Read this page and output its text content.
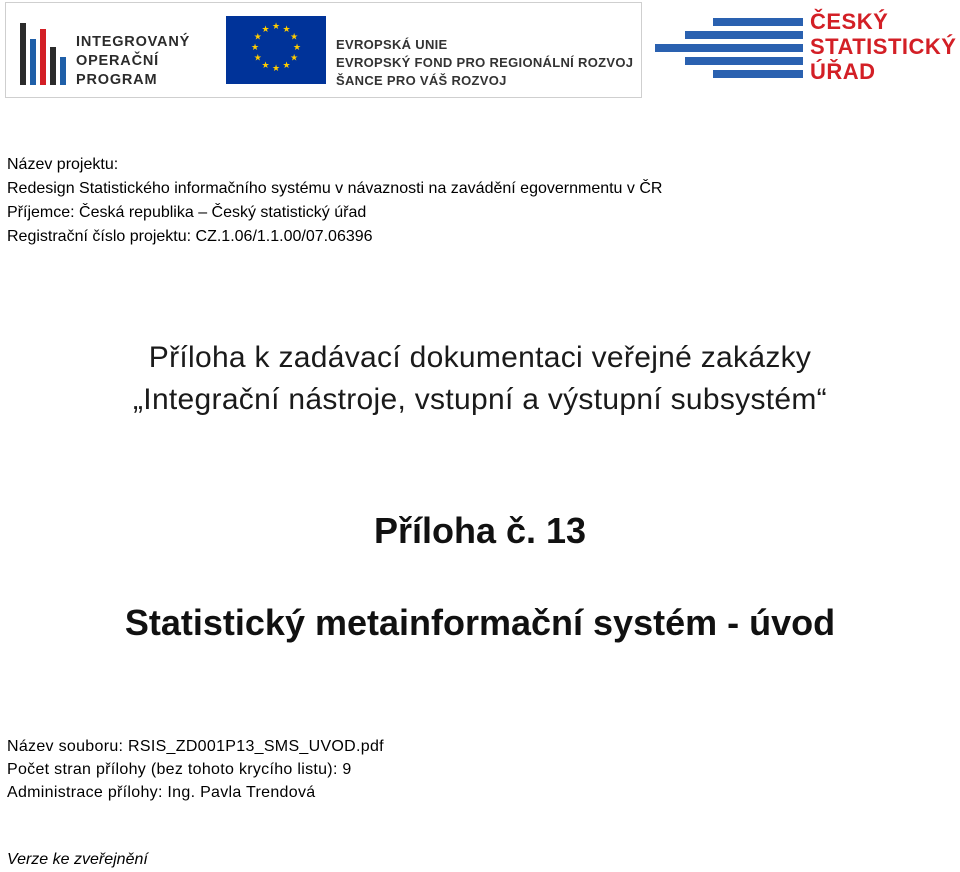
INTEGROVANÝ
OPERAČNÍ
PROGRAM
★ ★
★
★
★
★
★
★
★
★
★
★
EVROPSKÁ UNIE
EVROPSKÝ FOND PRO REGIONÁLNÍ ROZVOJ
ŠANCE PRO VÁŠ ROZVOJ
ČESKÝ
STATISTICKÝ
ÚŘAD
Název projektu:
Redesign Statistického informačního systému v návaznosti na zavádění egovernmentu v ČR
Příjemce: Česká republika – Český statistický úřad
Registrační číslo projektu: CZ.1.06/1.1.00/07.06396
Příloha k zadávací dokumentaci veřejné zakázky
„Integrační nástroje, vstupní a výstupní subsystém“
Příloha č. 13
Statistický metainformační systém - úvod
Název souboru: RSIS_ZD001P13_SMS_UVOD.pdf
Počet stran přílohy (bez tohoto krycího listu): 9
Administrace přílohy: Ing. Pavla Trendová
Verze ke zveřejnění
